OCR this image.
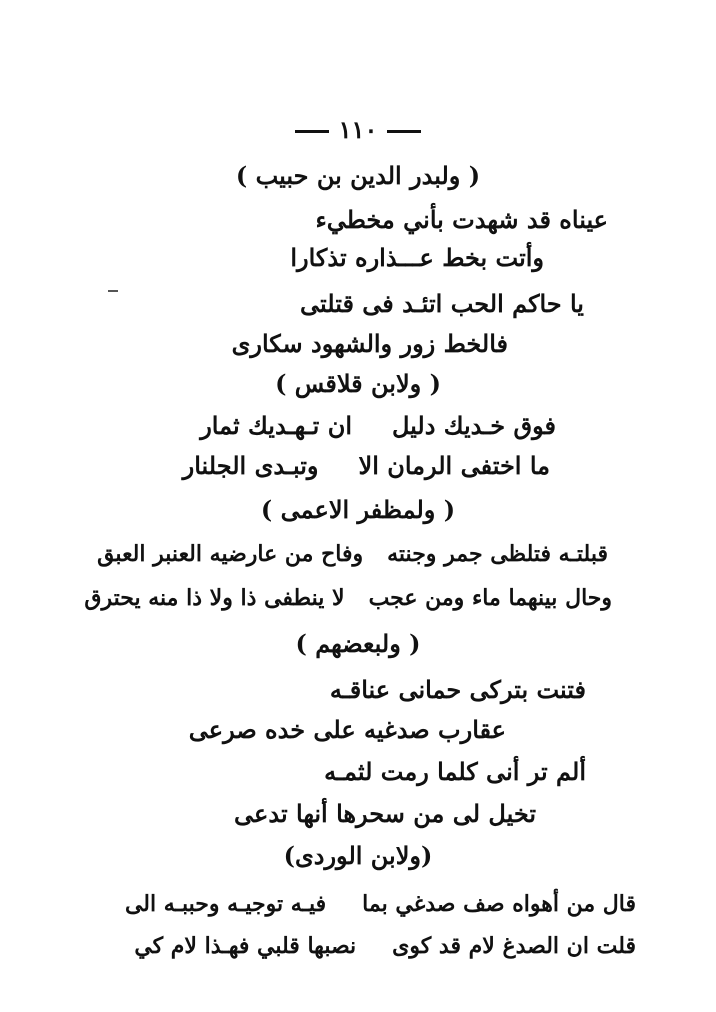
١١٠
( ولبدر الدين بن حبيب )
عيناه قد شهدت بأني مخطيء
وأتت بخط عـــذاره تذكارا
يا حاكم الحب اتئـد فى قتلتى
فالخط زور والشهود سكارى
( ولابن قلاقس )
فوق خـديك دليلان تـهـديك ثمار
ما اختفى الرمان الاوتبـدى الجلنار
( ولمظفر الاعمى )
قبلتـه فتلظى جمر وجنتهوفاح من عارضيه العنبر العبق
وحال بينهما ماء ومن عجبلا ينطفى ذا ولا ذا منه يحترق
( ولبعضهم )
فتنت بتركى حمانى عناقـه
عقارب صدغيه على خده صرعى
ألم تر أنى كلما رمت لثمـه
تخيل لى من سحرها أنها تدعى
(ولابن الوردى)
قال من أهواه صف صدغي بمافيـه توجيـه وحببـه الى
قلت ان الصدغ لام قد كوىنصبها قلبي فهـذا لام كي
